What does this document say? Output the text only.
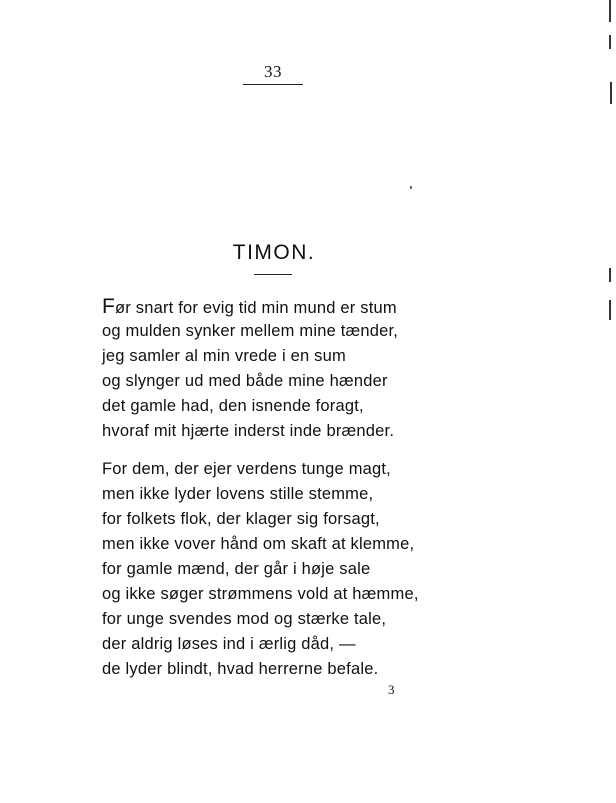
33
TIMON.
Før snart for evig tid min mund er stum
og mulden synker mellem mine tænder,
jeg samler al min vrede i en sum
og slynger ud med både mine hænder
det gamle had, den isnende foragt,
hvoraf mit hjærte inderst inde brænder.
For dem, der ejer verdens tunge magt,
men ikke lyder lovens stille stemme,
for folkets flok, der klager sig forsagt,
men ikke vover hånd om skaft at klemme,
for gamle mænd, der går i høje sale
og ikke søger strømmens vold at hæmme,
for unge svendes mod og stærke tale,
der aldrig løses ind i ærlig dåd, —
de lyder blindt, hvad herrerne befale.
3
